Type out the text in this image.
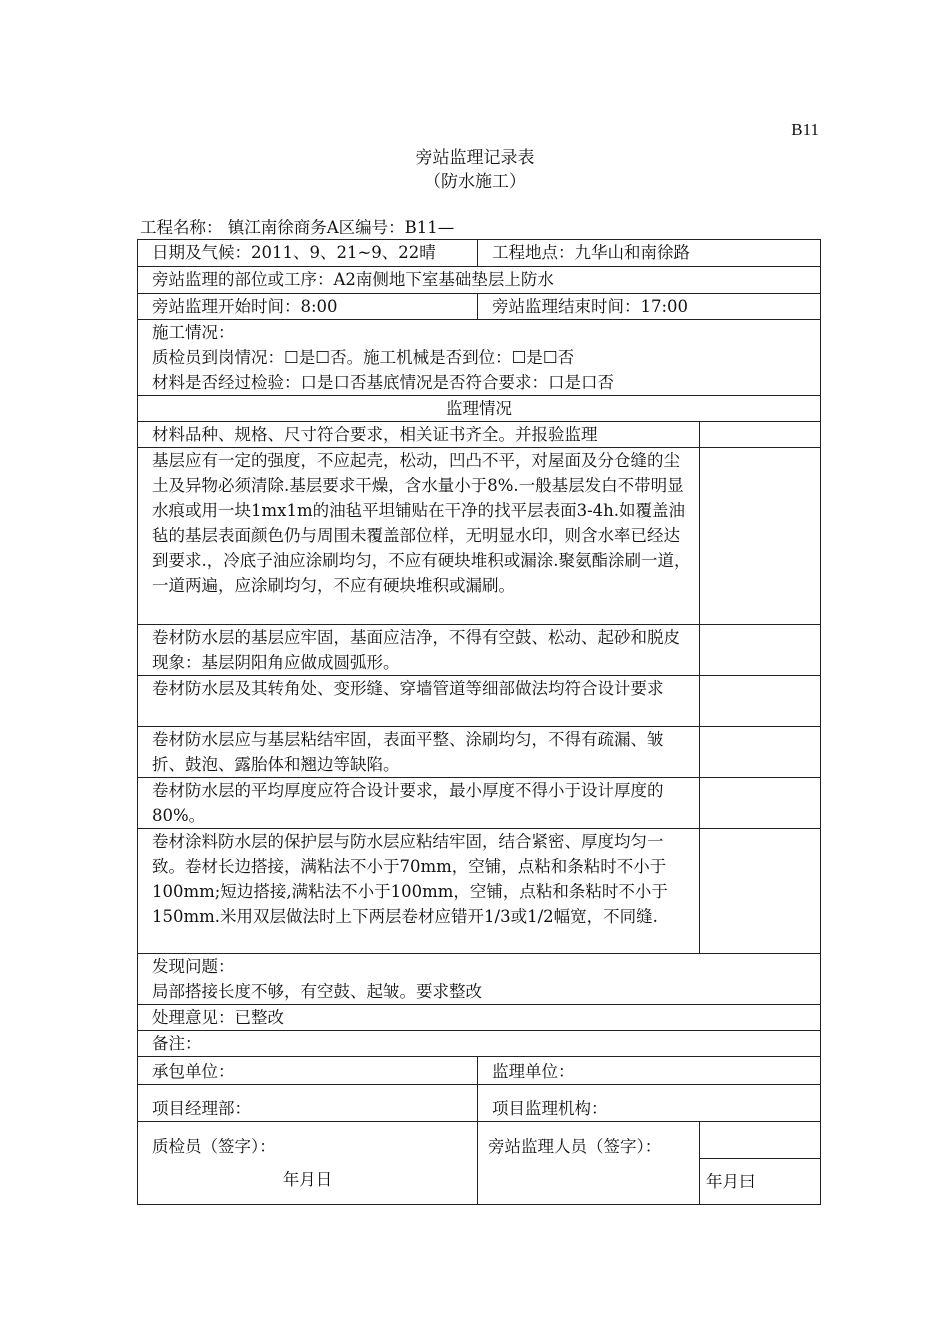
B11
旁站监理记录表
（防水施工）
工程名称： 镇江南徐商务A区编号：B11—
日期及气候：2011、9、21~9、22晴	工程地点：九华山和南徐路	
旁站监理的部位或工序：A2南侧地下室基础垫层上防水		
旁站监理开始时间：8:00	旁站监理结束时间：17:00	

施工情况：
质检员到岗情况：☐是☐否。施工机械是否到位：☐是☐否
材料是否经过检验：口是口否基底情况是否符合要求：口是口否		

监理情况		
材料品种、规格、尺寸符合要求，相关证书齐全。并报验监理		
基层应有一定的强度，不应起壳，松动，凹凸不平，对屋面及分仓缝的尘土及异物必须清除.基层要求干燥，含水量小于8%.一般基层发白不带明显水痕或用一块1mx1m的油毡平坦铺贴在干净的找平层表面3-4h.如覆盖油毡的基层表面颜色仍与周围未覆盖部位样，无明显水印，则含水率已经达到要求.，冷底子油应涂刷均匀，不应有硬块堆积或漏涂.聚氨酯涂刷一道，一道两遍，应涂刷均匀，不应有硬块堆积或漏刷。		
卷材防水层的基层应牢固，基面应洁净，不得有空鼓、松动、起砂和脱皮现象：基层阴阳角应做成圆弧形。		
卷材防水层及其转角处、变形缝、穿墙管道等细部做法均符合设计要求		
卷材防水层应与基层粘结牢固，表面平整、涂刷均匀，不得有疏漏、皱折、鼓泡、露胎体和翘边等缺陷。		
卷材防水层的平均厚度应符合设计要求，最小厚度不得小于设计厚度的80%。		
卷材涂料防水层的保护层与防水层应粘结牢固，结合紧密、厚度均匀一致。卷材长边搭接，满粘法不小于70mm，空铺，点粘和条粘时不小于100mm;短边搭接,满粘法不小于100mm，空铺，点粘和条粘时不小于150mm.米用双层做法时上下两层卷材应错开1/3或1/2幅宽，不同缝.		

发现问题：
局部搭接长度不够，有空鼓、起皱。要求整改		

处理意见：已整改		
备注：		
承包单位：	监理单位：	
项目经理部：	项目监理机构：	
质检员（签字）：	旁站监理人员（签字）：	
年月日		年月曰
